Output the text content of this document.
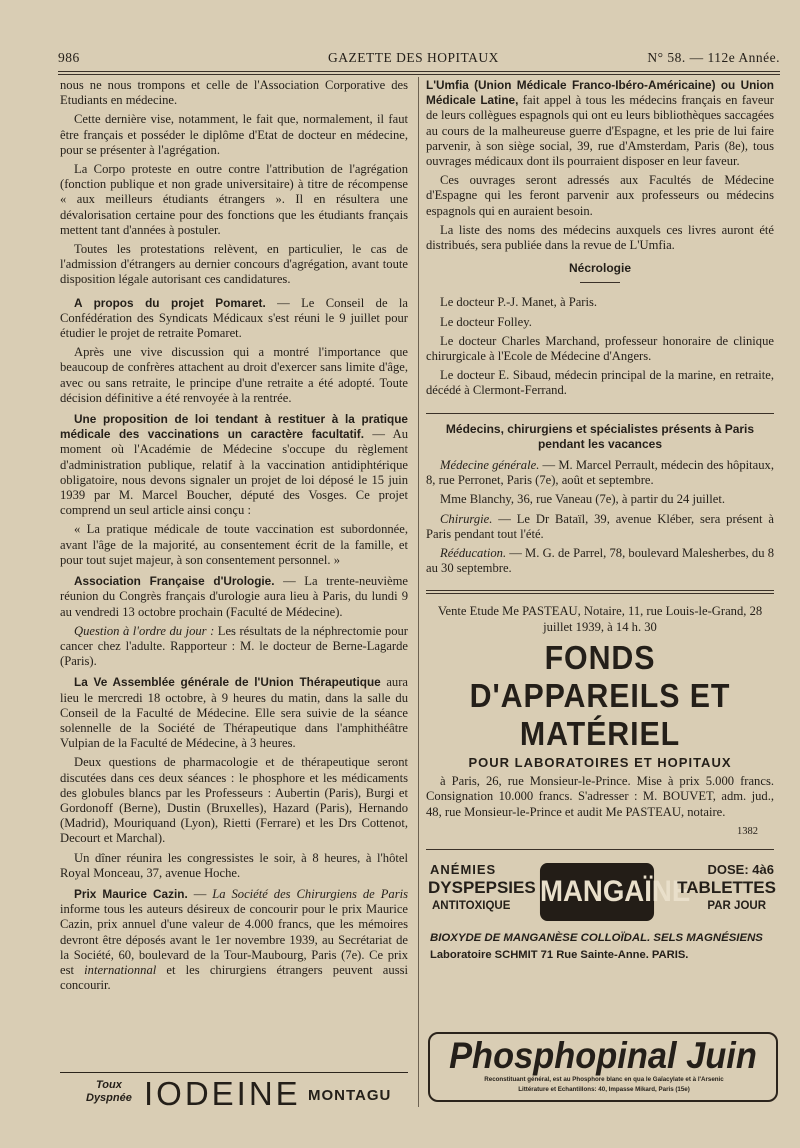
986	GAZETTE DES HOPITAUX	N° 58. — 112e Année.

nous ne nous trompons et celle de l'Association Corporative des Etudiants en médecine.

Cette dernière vise, notamment, le fait que, normalement, il faut être français et posséder le diplôme d'Etat de docteur en médecine, pour se présenter à l'agrégation.

La Corpo proteste en outre contre l'attribution de l'agrégation (fonction publique et non grade universitaire) à titre de récompense « aux meilleurs étudiants étrangers ». Il en résultera une dévalorisation certaine pour des fonctions que les étudiants français mettent tant d'années à postuler.

Toutes les protestations relèvent, en particulier, le cas de l'admission d'étrangers au dernier concours d'agrégation, avant toute disposition légale autorisant ces candidatures.

A propos du projet Pomaret. — Le Conseil de la Confédération des Syndicats Médicaux s'est réuni le 9 juillet pour étudier le projet de retraite Pomaret.

Après une vive discussion qui a montré l'importance que beaucoup de confrères attachent au droit d'exercer sans limite d'âge, avec ou sans retraite, le principe d'une retraite a été adopté. Toute décision définitive a été renvoyée à la rentrée.

Une proposition de loi tendant à restituer à la pratique médicale des vaccinations un caractère facultatif. — Au moment où l'Académie de Médecine s'occupe du règlement d'administration publique, relatif à la vaccination antidiphtérique obligatoire, nous devons signaler un projet de loi déposé le 15 juin 1939 par M. Marcel Boucher, député des Vosges. Ce projet comprend un seul article ainsi conçu :

« La pratique médicale de toute vaccination est subordonnée, avant l'âge de la majorité, au consentement écrit de la famille, et pour tout sujet majeur, à son consentement personnel. »

Association Française d'Urologie. — La trente-neuvième réunion du Congrès français d'urologie aura lieu à Paris, du lundi 9 au vendredi 13 octobre prochain (Faculté de Médecine).

Question à l'ordre du jour : Les résultats de la néphrectomie pour cancer chez l'adulte. Rapporteur : M. le docteur de Berne-Lagarde (Paris).

La Ve Assemblée générale de l'Union Thérapeutique aura lieu le mercredi 18 octobre, à 9 heures du matin, dans la salle du Conseil de la Faculté de Médecine. Elle sera suivie de la séance solennelle de la Société de Thérapeutique dans l'amphithéâtre Vulpian de la Faculté de Médecine, à 3 heures.

Deux questions de pharmacologie et de thérapeutique seront discutées dans ces deux séances : le phosphore et les médicaments des globules blancs par les Professeurs : Aubertin (Paris), Burgi et Gordonoff (Berne), Dustin (Bruxelles), Hazard (Paris), Hernando (Madrid), Mouriquand (Lyon), Rietti (Ferrare) et les Drs Cottenot, Decourt et Marchal).

Un dîner réunira les congressistes le soir, à 8 heures, à l'hôtel Royal Monceau, 37, avenue Hoche.

Prix Maurice Cazin. — La Société des Chirurgiens de Paris informe tous les auteurs désireux de concourir pour le prix Maurice Cazin, prix annuel d'une valeur de 4.000 francs, que les mémoires devront être déposés avant le 1er novembre 1939, au Secrétariat de la Société, 60, boulevard de la Tour-Maubourg, Paris (7e). Ce prix est internationnal et les chirurgiens étrangers peuvent aussi concourir.

L'Umfia (Union Médicale Franco-Ibéro-Américaine) ou Union Médicale Latine, fait appel à tous les médecins français en faveur de leurs collègues espagnols qui ont eu leurs bibliothèques saccagées au cours de la malheureuse guerre d'Espagne, et les prie de lui faire parvenir, à son siège social, 39, rue d'Amsterdam, Paris (8e), tous ouvrages médicaux dont ils pourraient disposer en leur faveur.

Ces ouvrages seront adressés aux Facultés de Médecine d'Espagne qui les feront parvenir aux professeurs ou médecins espagnols qui en auraient besoin.

La liste des noms des médecins auxquels ces livres auront été distribués, sera publiée dans la revue de L'Umfia.

Nécrologie

Le docteur P.-J. Manet, à Paris.

Le docteur Folley.

Le docteur Charles Marchand, professeur honoraire de clinique chirurgicale à l'Ecole de Médecine d'Angers.

Le docteur E. Sibaud, médecin principal de la marine, en retraite, décédé à Clermont-Ferrand.

Médecins, chirurgiens et spécialistes présents à Paris pendant les vacances

Médecine générale. — M. Marcel Perrault, médecin des hôpitaux, 8, rue Perronet, Paris (7e), août et septembre.

Mme Blanchy, 36, rue Vaneau (7e), à partir du 24 juillet.

Chirurgie. — Le Dr Bataïl, 39, avenue Kléber, sera présent à Paris pendant tout l'été.

Rééducation. — M. G. de Parrel, 78, boulevard Malesherbes, du 8 au 30 septembre.

Vente Etude Me PASTEAU, Notaire, 11, rue Louis-le-Grand, 28 juillet 1939, à 14 h. 30

FONDS D'APPAREILS ET MATÉRIEL

POUR LABORATOIRES ET HOPITAUX

à Paris, 26, rue Monsieur-le-Prince. Mise à prix 5.000 francs. Consignation 10.000 francs. S'adresser : M. BOUVET, adm. jud., 48, rue Monsieur-le-Prince et audit Me PASTEAU, notaire.

1382

ANÉMIES
DYSPEPSIES
ANTITOXIQUE MANGAÏNE
DOSE: 4à6
TABLETTES
PAR JOUR
BIOXYDE DE MANGANÈSE COLLOÏDAL. SELS MAGNÉSIENS
Laboratoire SCHMIT 71 Rue Sainte-Anne. PARIS.
Phosphopinal Juin
Reconstituant général, est au Phosphore blanc en qua le Gaïacylate et à l'Arsenic
Littérature et Echantillons: 40, Impasse Mikard, Paris (15e)
Toux
Dyspnée IODEINE MONTAGU
